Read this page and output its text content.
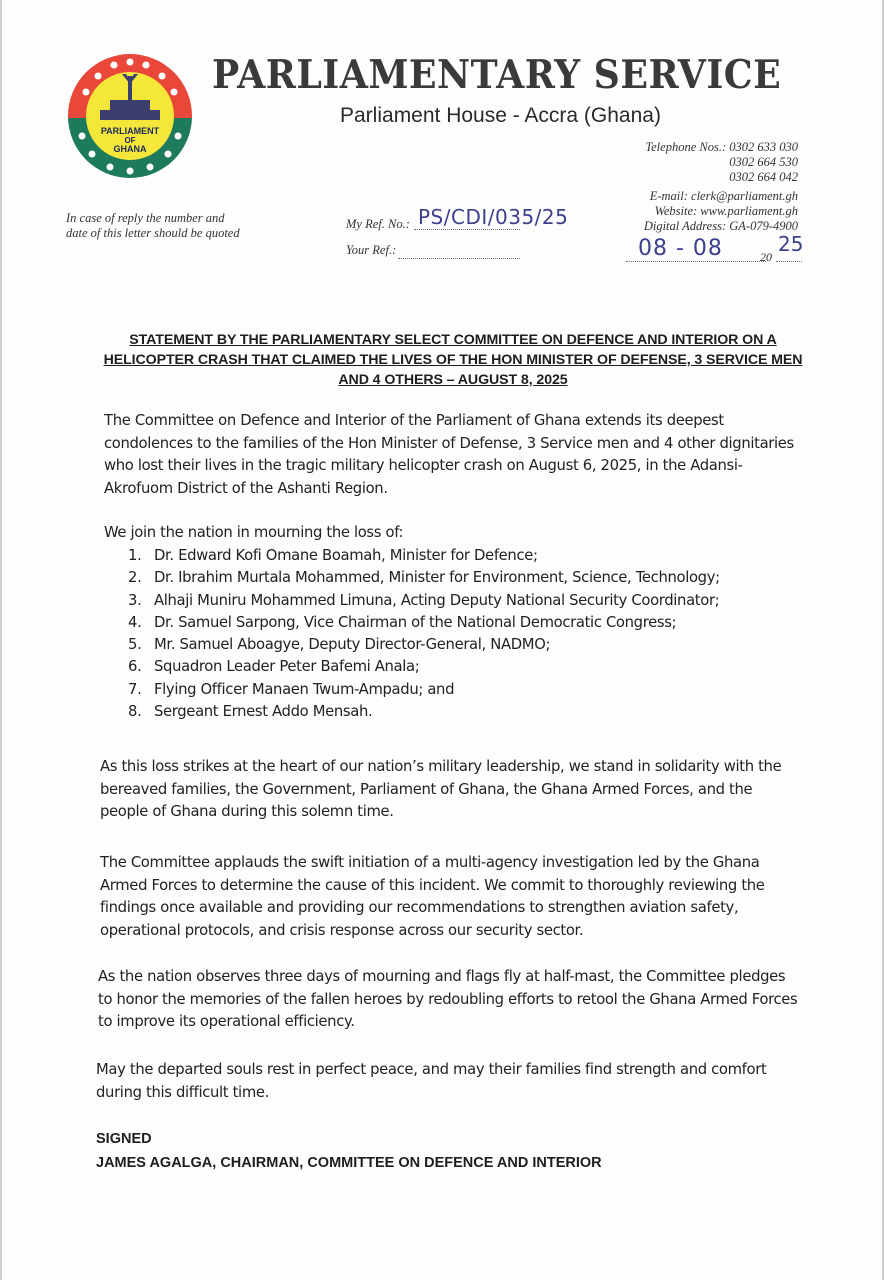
PARLIAMENT
OF
GHANA
PARLIAMENTARY SERVICE
Parliament House - Accra (Ghana)
Telephone Nos.: 0302 633 030
0302 664 530
0302 664 042
E-mail: clerk@parliament.gh
Website: www.parliament.gh
Digital Address: GA-079-4900
08 - 08	20
25
In case of reply the number and date of this letter should be quoted
My Ref. No.: PS/CDI/035/25
Your Ref.:
STATEMENT BY THE PARLIAMENTARY SELECT COMMITTEE ON DEFENCE AND INTERIOR ON A HELICOPTER CRASH THAT CLAIMED THE LIVES OF THE HON MINISTER OF DEFENSE, 3 SERVICE MEN AND 4 OTHERS – AUGUST 8, 2025
The Committee on Defence and Interior of the Parliament of Ghana extends its deepest condolences to the families of the Hon Minister of Defense, 3 Service men and 4 other dignitaries who lost their lives in the tragic military helicopter crash on August 6, 2025, in the Adansi-Akrofuom District of the Ashanti Region.
We join the nation in mourning the loss of:
1. Dr. Edward Kofi Omane Boamah, Minister for Defence;
2. Dr. Ibrahim Murtala Mohammed, Minister for Environment, Science, Technology;
3. Alhaji Muniru Mohammed Limuna, Acting Deputy National Security Coordinator;
4. Dr. Samuel Sarpong, Vice Chairman of the National Democratic Congress;
5. Mr. Samuel Aboagye, Deputy Director-General, NADMO;
6. Squadron Leader Peter Bafemi Anala;
7. Flying Officer Manaen Twum-Ampadu; and
8. Sergeant Ernest Addo Mensah.
As this loss strikes at the heart of our nation’s military leadership, we stand in solidarity with the bereaved families, the Government, Parliament of Ghana, the Ghana Armed Forces, and the people of Ghana during this solemn time.
The Committee applauds the swift initiation of a multi-agency investigation led by the Ghana Armed Forces to determine the cause of this incident. We commit to thoroughly reviewing the findings once available and providing our recommendations to strengthen aviation safety, operational protocols, and crisis response across our security sector.
As the nation observes three days of mourning and flags fly at half-mast, the Committee pledges to honor the memories of the fallen heroes by redoubling efforts to retool the Ghana Armed Forces to improve its operational efficiency.
May the departed souls rest in perfect peace, and may their families find strength and comfort during this difficult time.
SIGNED
JAMES AGALGA, CHAIRMAN, COMMITTEE ON DEFENCE AND INTERIOR
